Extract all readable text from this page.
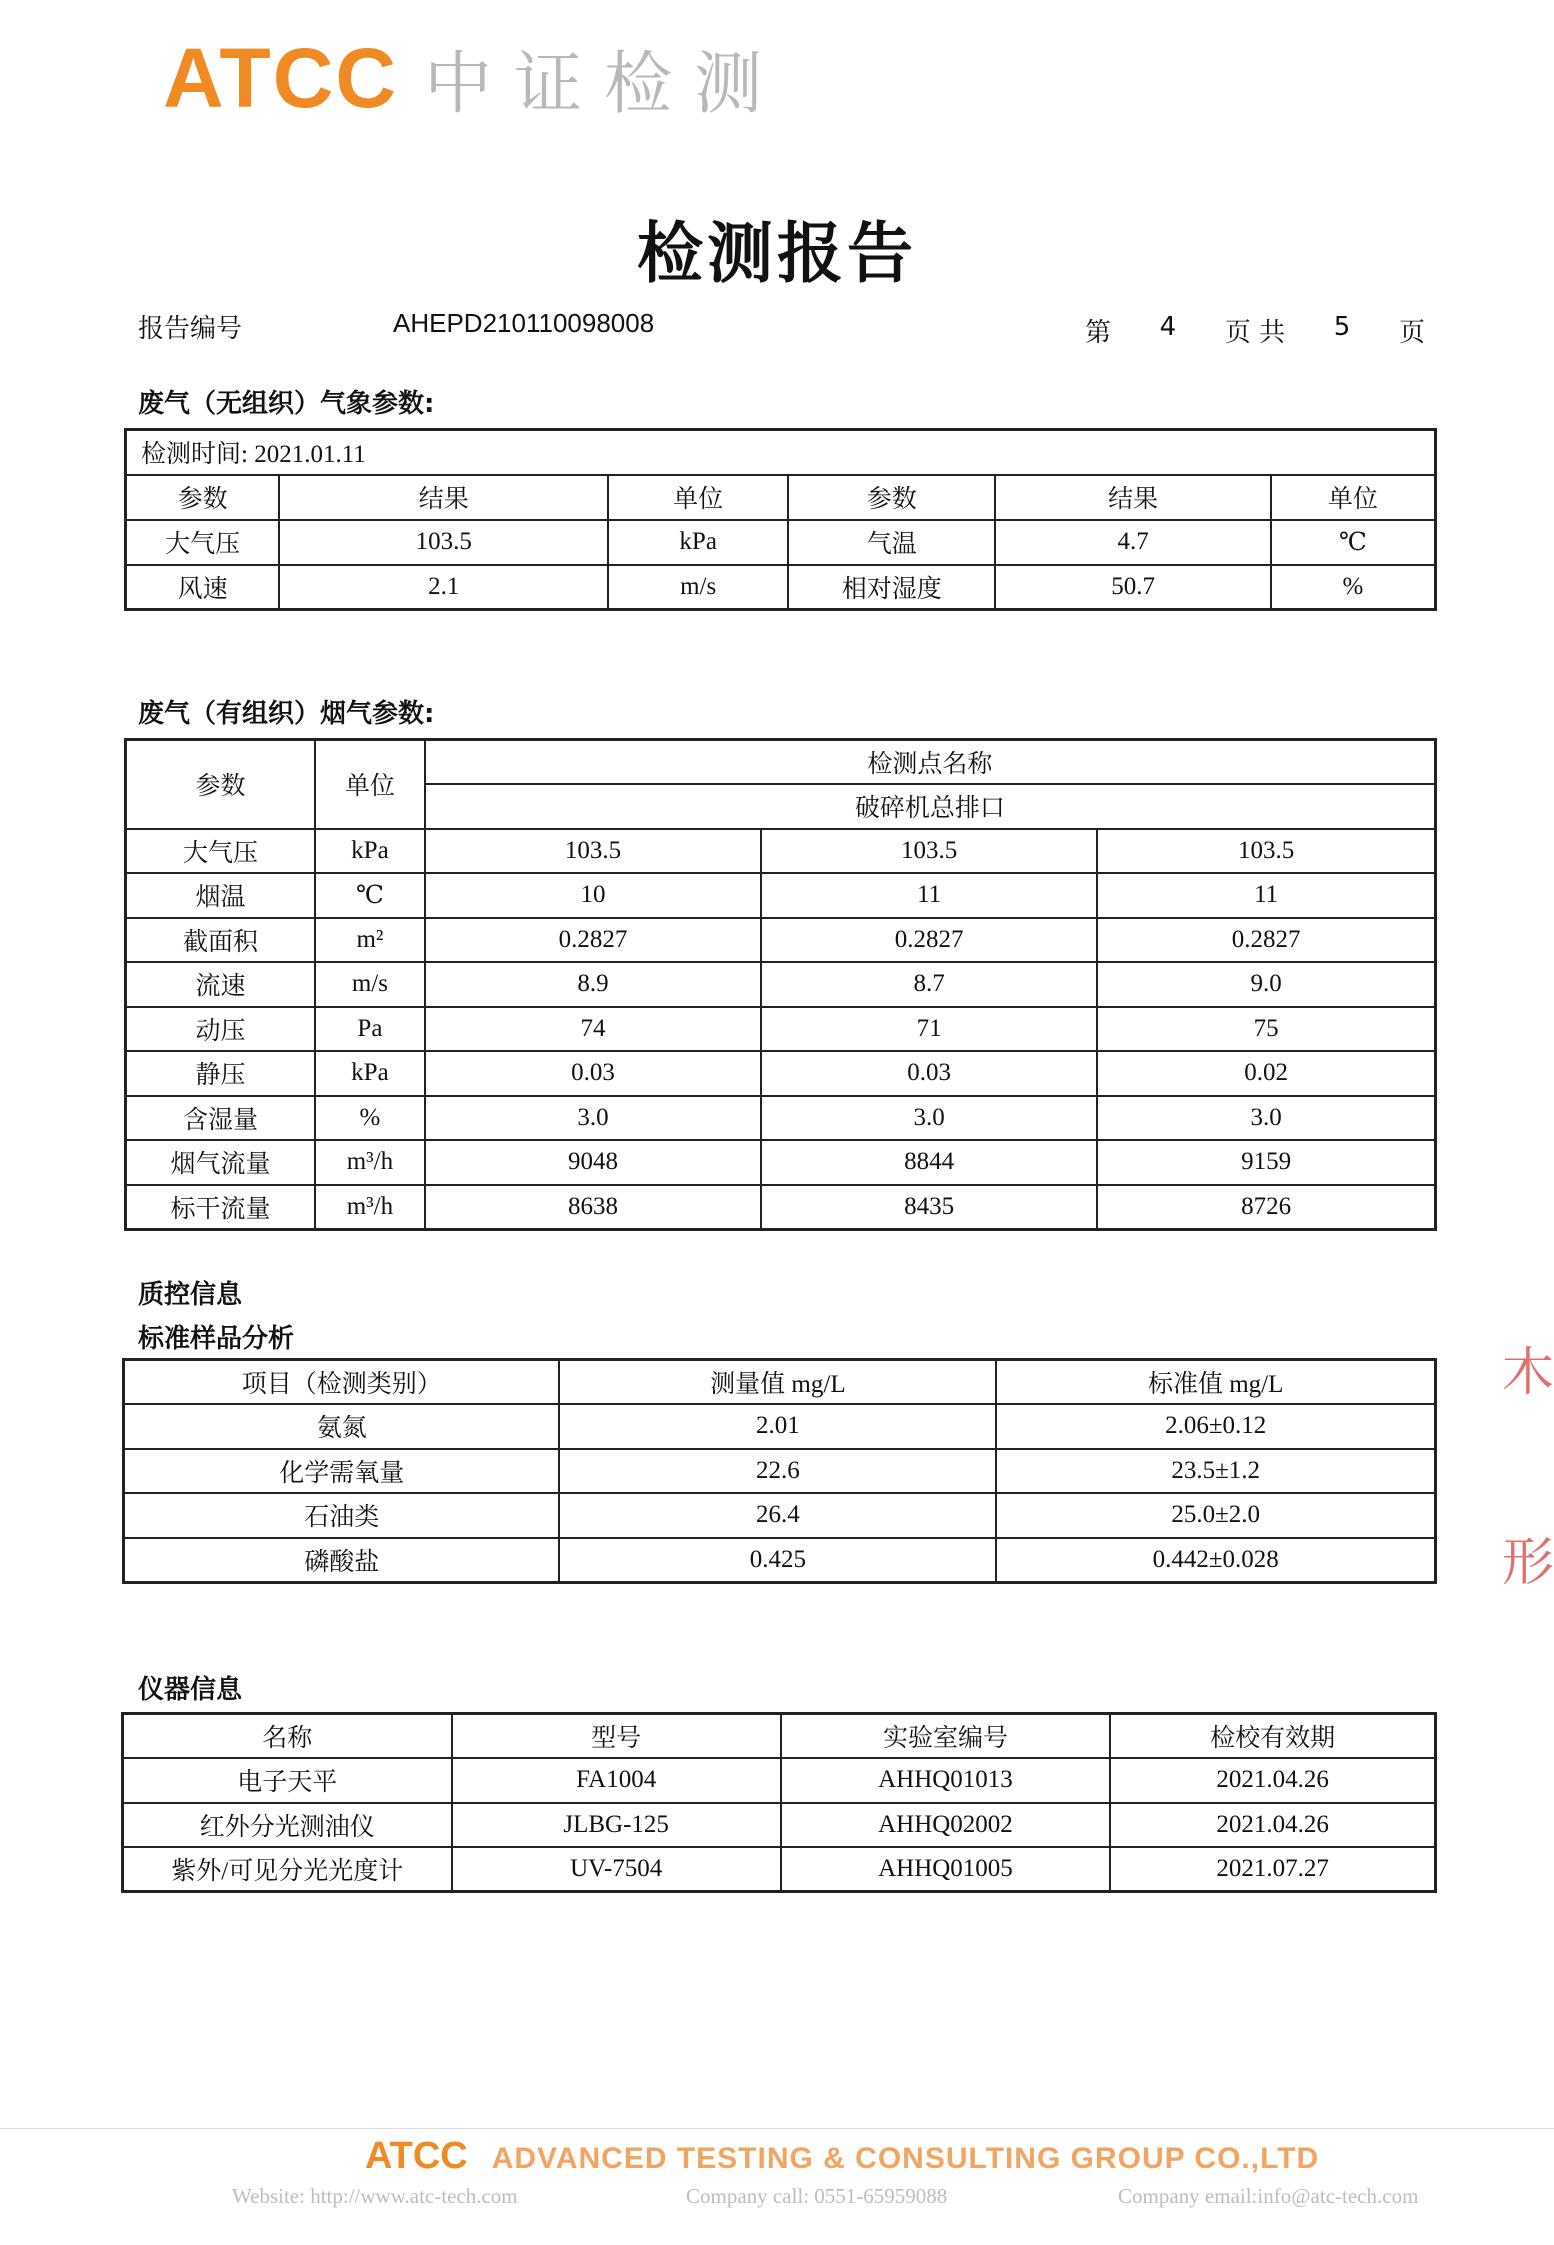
ATCC 中证检测
检测报告
报告编号	AHEPD210110098008	第 4 页 共 5 页
废气（无组织）气象参数:
检测时间: 2021.01.11					
参数	结果	单位	参数	结果	单位
大气压	103.5	kPa	气温	4.7	℃
风速	2.1	m/s	相对湿度	50.7	%
废气（有组织）烟气参数:
参数	单位	检测点名称		
		破碎机总排口		
大气压	kPa	103.5	103.5	103.5
烟温	℃	10	11	11
截面积	m²	0.2827	0.2827	0.2827
流速	m/s	8.9	8.7	9.0
动压	Pa	74	71	75
静压	kPa	0.03	0.03	0.02
含湿量	%	3.0	3.0	3.0
烟气流量	m³/h	9048	8844	9159
标干流量	m³/h	8638	8435	8726
质控信息
标准样品分析
项目（检测类别）	测量值 mg/L	标准值 mg/L
氨氮	2.01	2.06±0.12
化学需氧量	22.6	23.5±1.2
石油类	26.4	25.0±2.0
磷酸盐	0.425	0.442±0.028
仪器信息
名称	型号	实验室编号	检校有效期
电子天平	FA1004	AHHQ01013	2021.04.26
红外分光测油仪	JLBG-125	AHHQ02002	2021.04.26
紫外/可见分光光度计	UV-7504	AHHQ01005	2021.07.27
木
形
ATCC ADVANCED TESTING & CONSULTING GROUP CO.,LTD
Website: http://www.atc-tech.com	Company call: 0551-65959088	Company email:info@atc-tech.com
